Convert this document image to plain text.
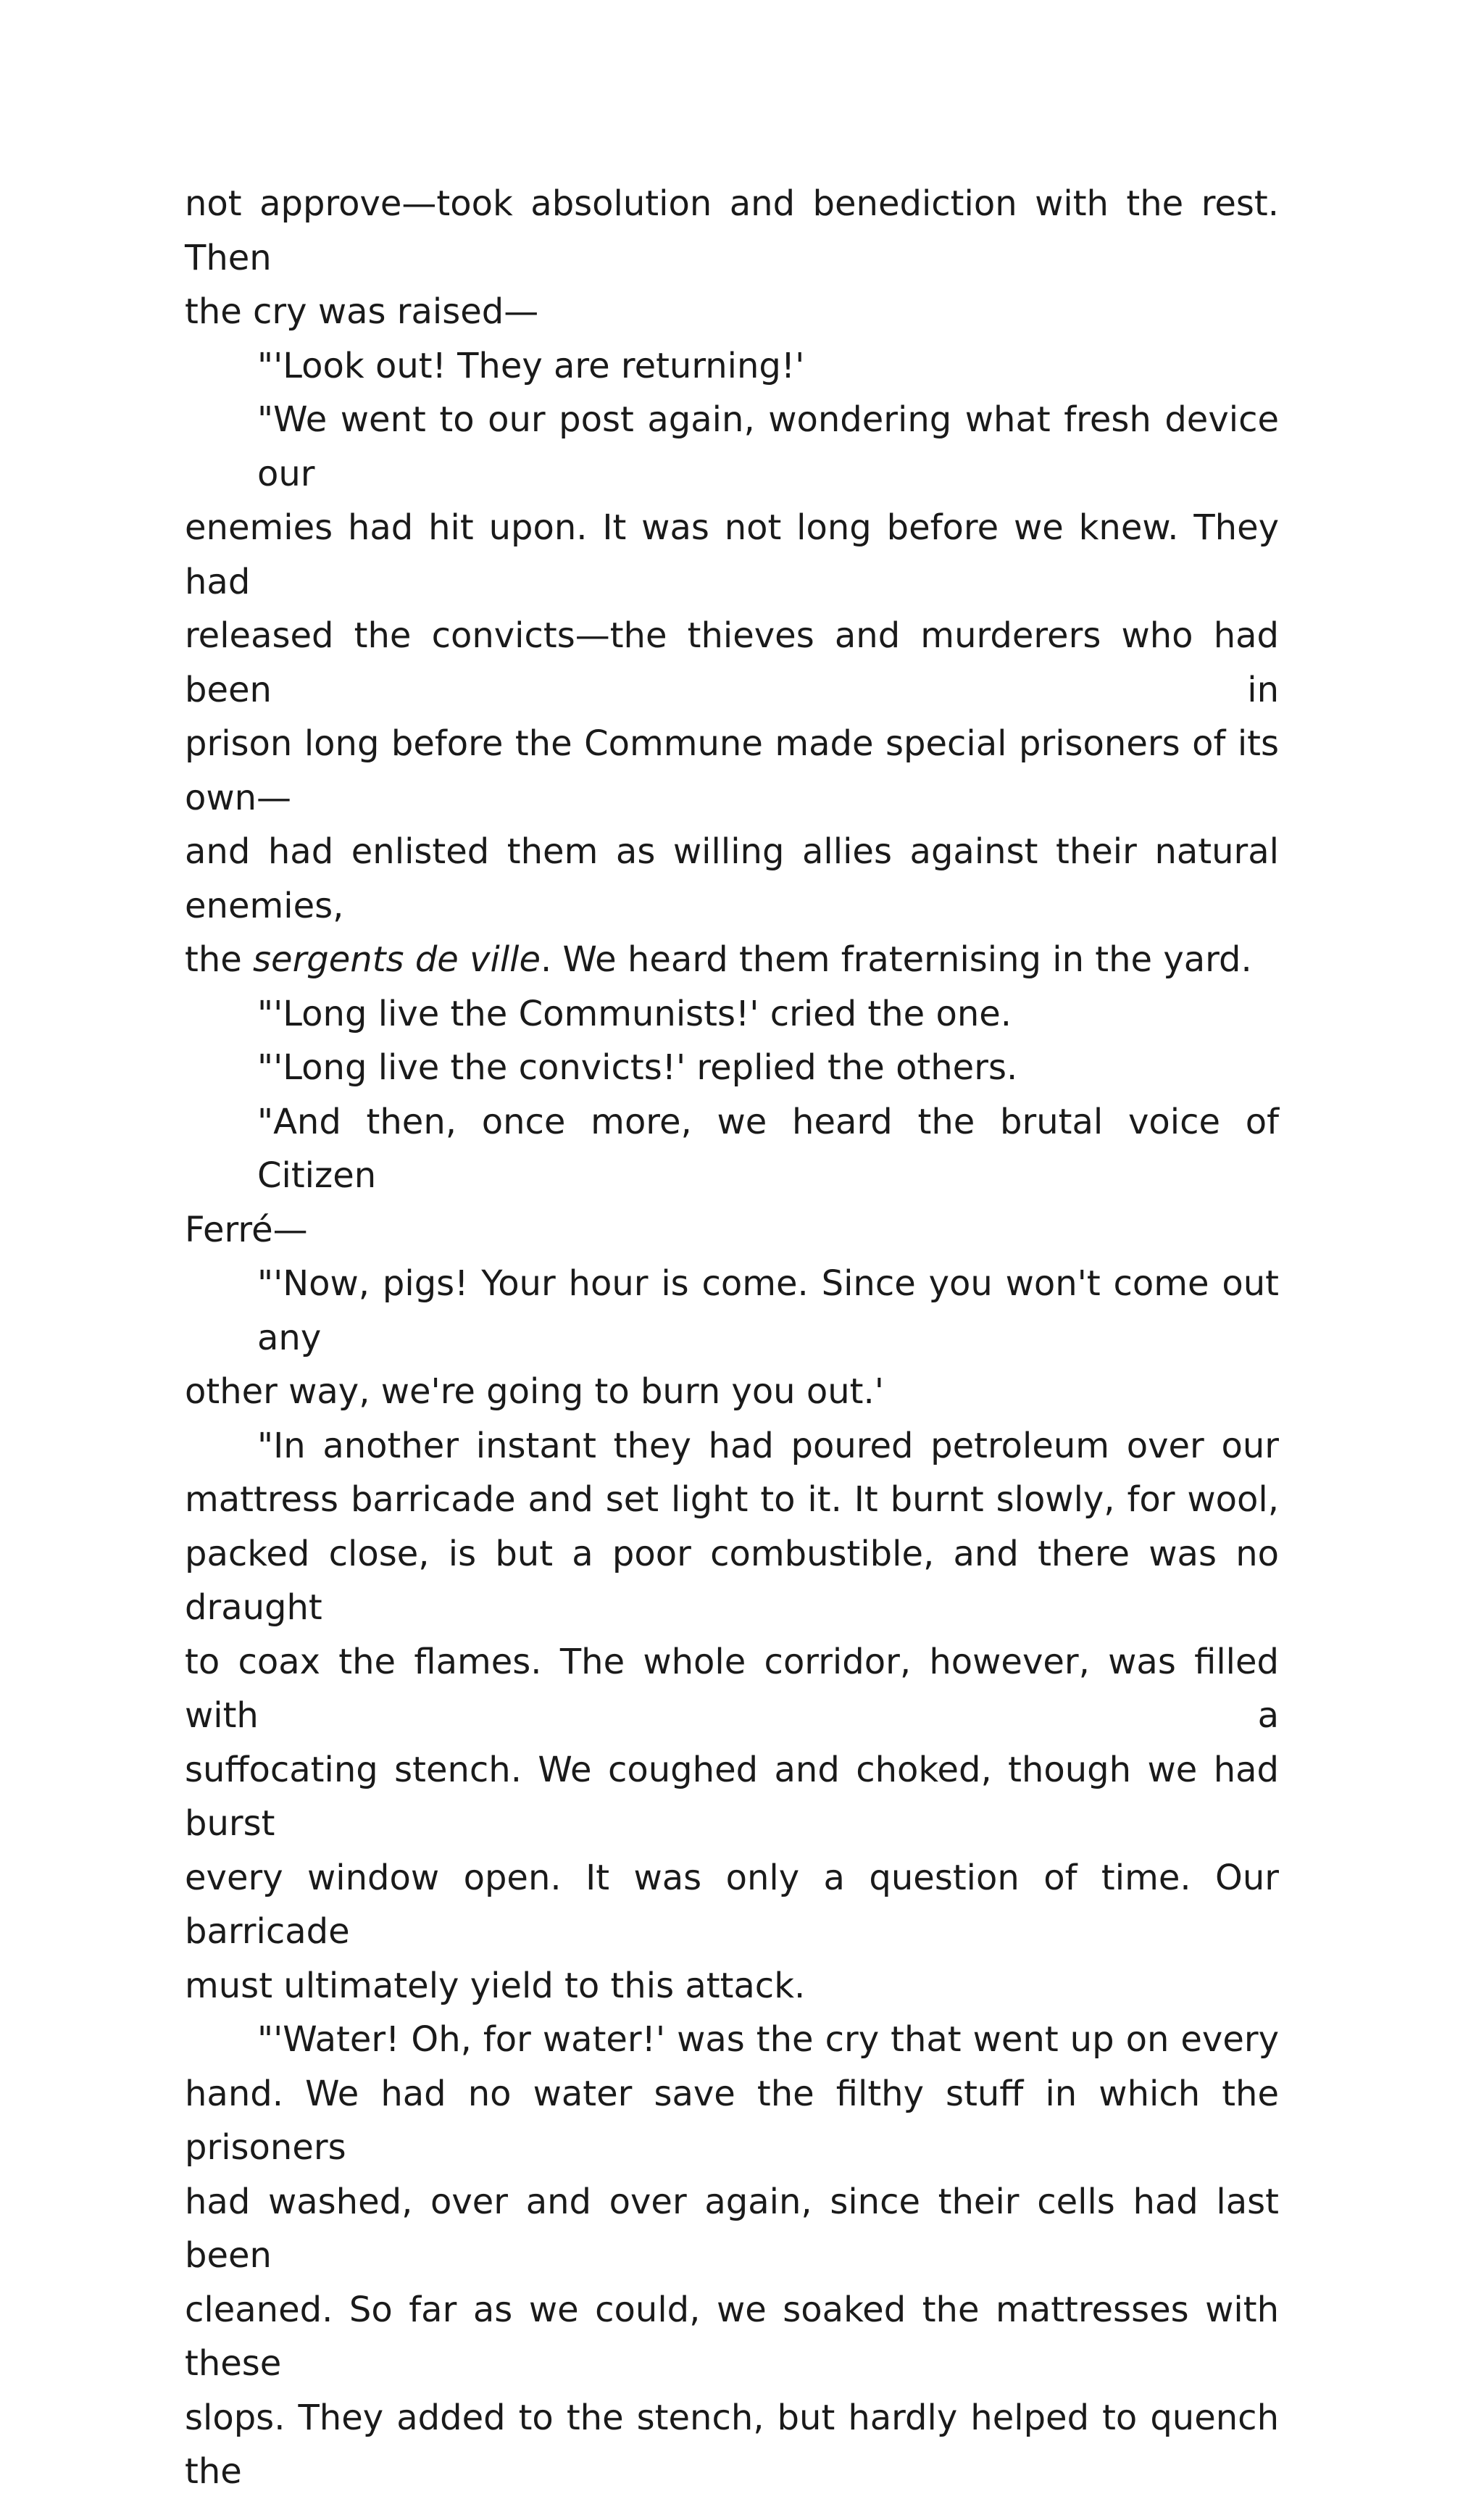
not approve—took absolution and benediction with the rest. Then
the cry was raised—

"'Look out! They are returning!'

"We went to our post again, wondering what fresh device our
enemies had hit upon. It was not long before we knew. They had
released the convicts—the thieves and murderers who had been in
prison long before the Commune made special prisoners of its own—
and had enlisted them as willing allies against their natural enemies,
the sergents de ville. We heard them fraternising in the yard.

"'Long live the Communists!' cried the one.

"'Long live the convicts!' replied the others.

"And then, once more, we heard the brutal voice of Citizen
Ferré—

"'Now, pigs! Your hour is come. Since you won't come out any
other way, we're going to burn you out.'

"In another instant they had poured petroleum over our
mattress barricade and set light to it. It burnt slowly, for wool,
packed close, is but a poor combustible, and there was no draught
to coax the flames. The whole corridor, however, was filled with a
suffocating stench. We coughed and choked, though we had burst
every window open. It was only a question of time. Our barricade
must ultimately yield to this attack.

"'Water! Oh, for water!' was the cry that went up on every
hand. We had no water save the filthy stuff in which the prisoners
had washed, over and over again, since their cells had last been
cleaned. So far as we could, we soaked the mattresses with these
slops. They added to the stench, but hardly helped to quench the
